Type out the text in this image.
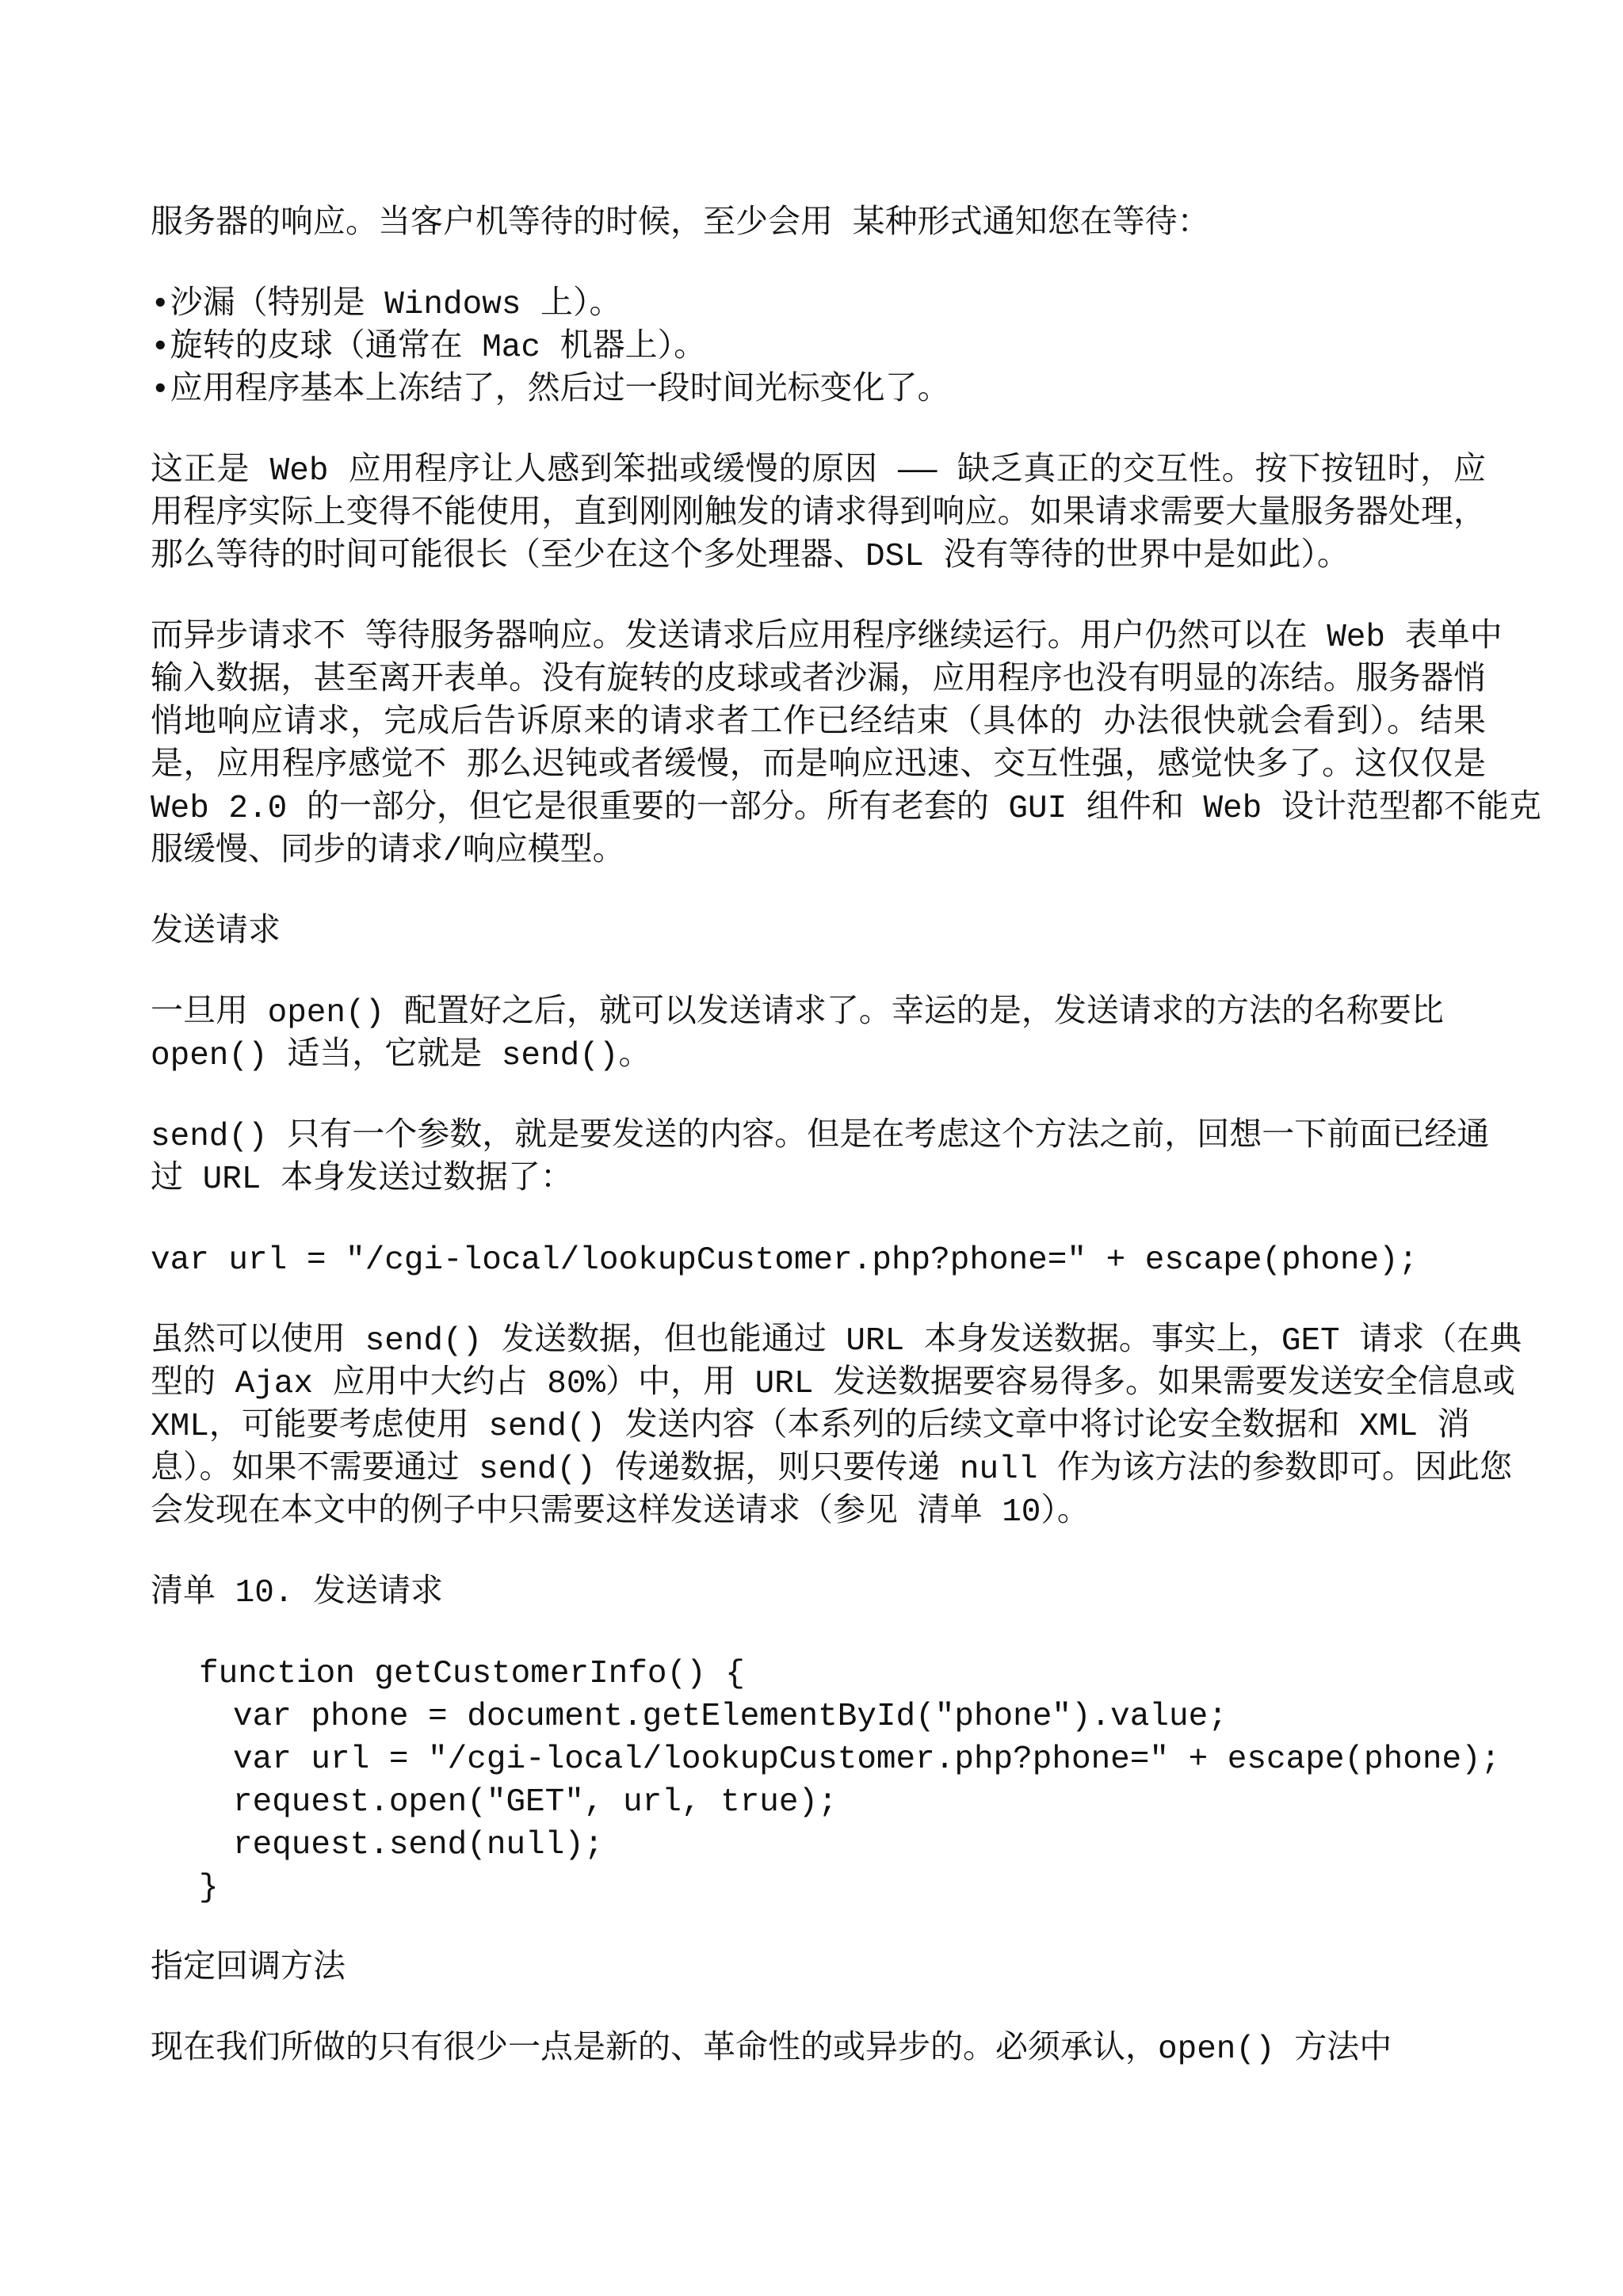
服务器的响应。当客户机等待的时候，至少会用 某种形式通知您在等待：
•沙漏（特别是 Windows 上）。
•旋转的皮球（通常在 Mac 机器上）。
•应用程序基本上冻结了，然后过一段时间光标变化了。
这正是 Web 应用程序让人感到笨拙或缓慢的原因 —— 缺乏真正的交互性。按下按钮时，应
用程序实际上变得不能使用，直到刚刚触发的请求得到响应。如果请求需要大量服务器处理，
那么等待的时间可能很长（至少在这个多处理器、DSL 没有等待的世界中是如此）。
而异步请求不 等待服务器响应。发送请求后应用程序继续运行。用户仍然可以在 Web 表单中
输入数据，甚至离开表单。没有旋转的皮球或者沙漏，应用程序也没有明显的冻结。服务器悄
悄地响应请求，完成后告诉原来的请求者工作已经结束（具体的 办法很快就会看到）。结果
是，应用程序感觉不 那么迟钝或者缓慢，而是响应迅速、交互性强，感觉快多了。这仅仅是
Web 2.0 的一部分，但它是很重要的一部分。所有老套的 GUI 组件和 Web 设计范型都不能克
服缓慢、同步的请求/响应模型。
发送请求
一旦用 open() 配置好之后，就可以发送请求了。幸运的是，发送请求的方法的名称要比
open() 适当，它就是 send()。
send() 只有一个参数，就是要发送的内容。但是在考虑这个方法之前，回想一下前面已经通
过 URL 本身发送过数据了：
var url = "/cgi-local/lookupCustomer.php?phone=" + escape(phone);
虽然可以使用 send() 发送数据，但也能通过 URL 本身发送数据。事实上，GET 请求（在典
型的 Ajax 应用中大约占 80%）中，用 URL 发送数据要容易得多。如果需要发送安全信息或
XML，可能要考虑使用 send() 发送内容（本系列的后续文章中将讨论安全数据和 XML 消
息）。如果不需要通过 send() 传递数据，则只要传递 null 作为该方法的参数即可。因此您
会发现在本文中的例子中只需要这样发送请求（参见 清单 10）。
清单 10. 发送请求
function getCustomerInfo() {
var phone = document.getElementById("phone").value;
var url = "/cgi-local/lookupCustomer.php?phone=" + escape(phone);
request.open("GET", url, true);
request.send(null);
}
指定回调方法
现在我们所做的只有很少一点是新的、革命性的或异步的。必须承认，open() 方法中
